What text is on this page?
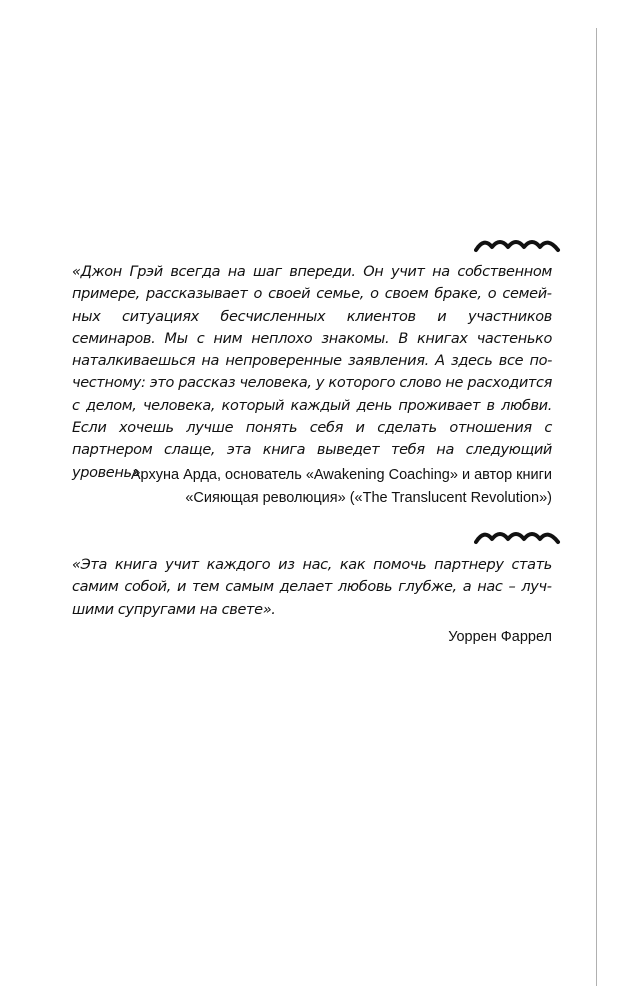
«Джон Грэй всегда на шаг впереди. Он учит на собственном примере, рассказывает о своей семье, о своем браке, о семейных ситуациях бесчисленных клиентов и участников семинаров. Мы с ним неплохо знакомы. В книгах частенько наталкиваешься на непроверенные заявления. А здесь все по-честному: это рассказ человека, у которого слово не расходится с делом, человека, который каждый день проживает в любви. Если хочешь лучше понять себя и сделать отношения с партнером слаще, эта книга выведет тебя на следующий уровень».

Архуна Арда, основатель «Awakening Coaching» и автор книги
«Сияющая революция» («The Translucent Revolution»)

«Эта книга учит каждого из нас, как помочь партнеру стать самим собой, и тем самым делает любовь глубже, а нас – лучшими супругами на свете».

Уоррен Фаррел
